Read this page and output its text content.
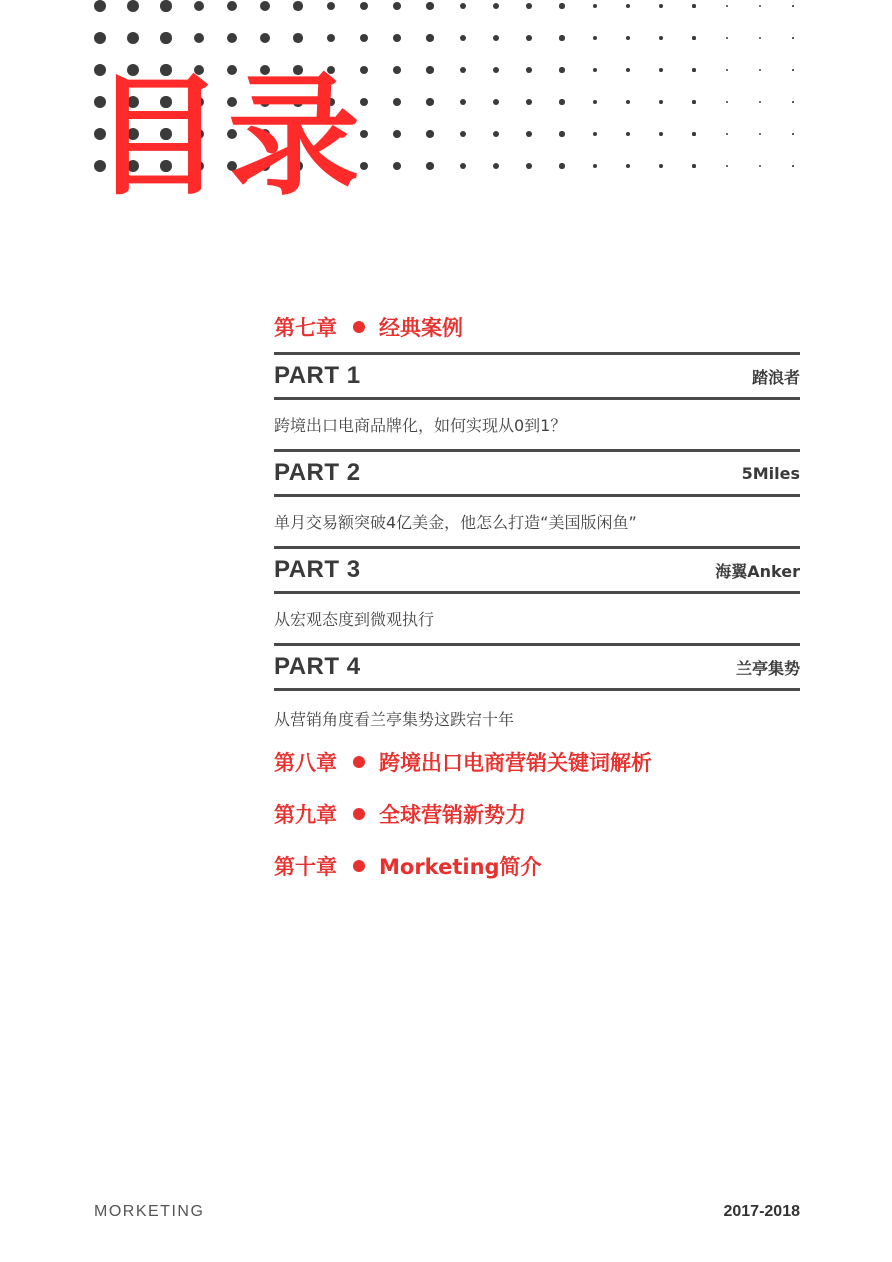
目录
第七章 经典案例
PART 1	踏浪者
跨境出口电商品牌化，如何实现从0到1？
PART 2	5Miles
单月交易额突破4亿美金，他怎么打造“美国版闲鱼”
PART 3	海翼Anker
从宏观态度到微观执行
PART 4	兰亭集势
从营销角度看兰亭集势这跌宕十年
第八章 跨境出口电商营销关键词解析
第九章 全球营销新势力
第十章 Morketing简介
MORKETING	2017-2018
